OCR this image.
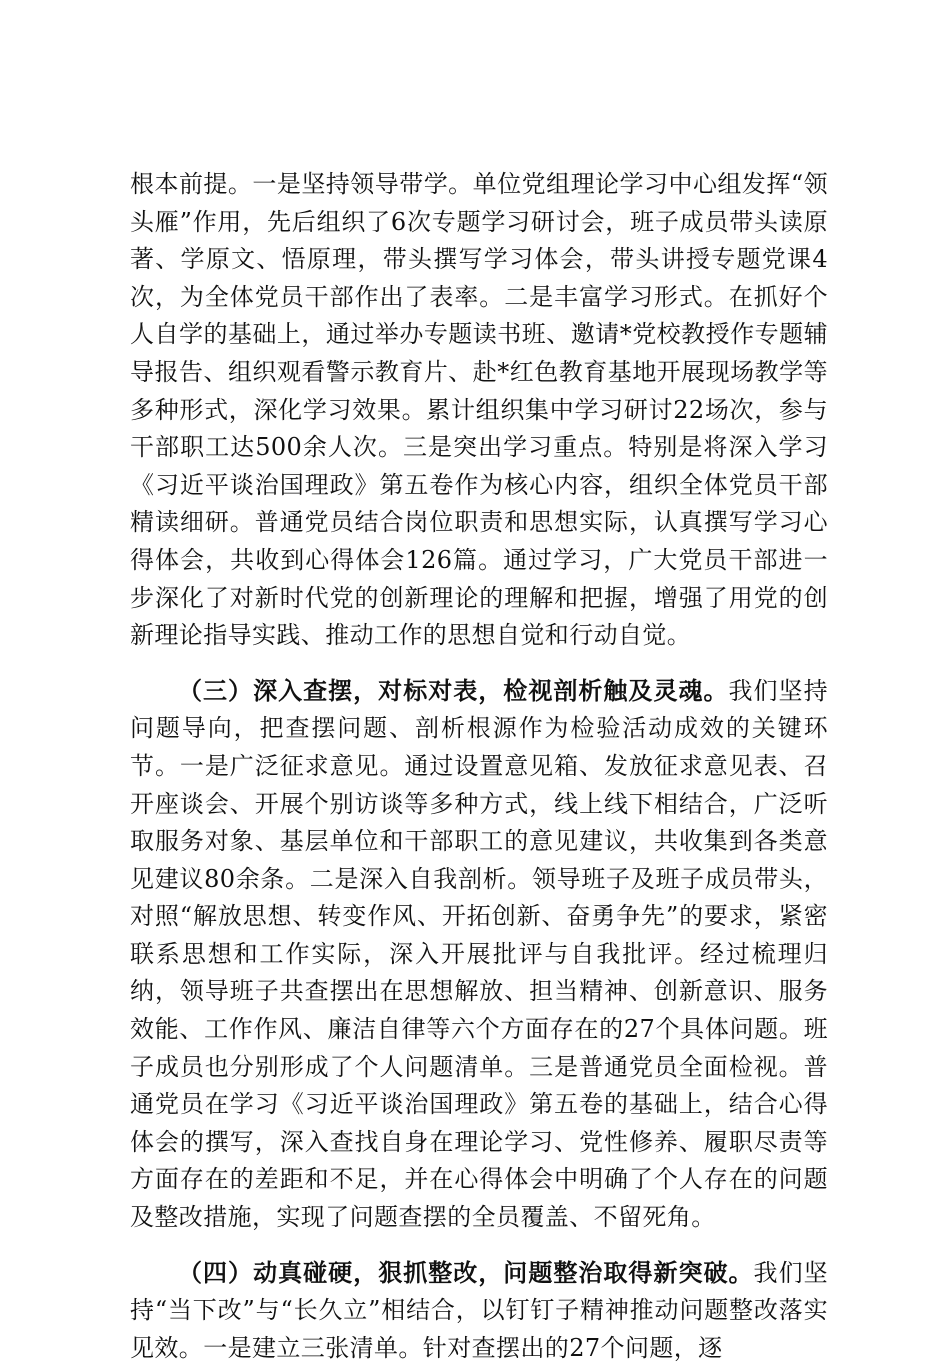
根本前提。一是坚持领导带学。单位党组理论学习中心组发挥“领头雁”作用，先后组织了6次专题学习研讨会，班子成员带头读原著、学原文、悟原理，带头撰写学习体会，带头讲授专题党课4次，为全体党员干部作出了表率。二是丰富学习形式。在抓好个人自学的基础上，通过举办专题读书班、邀请*党校教授作专题辅导报告、组织观看警示教育片、赴*红色教育基地开展现场教学等多种形式，深化学习效果。累计组织集中学习研讨22场次，参与干部职工达500余人次。三是突出学习重点。特别是将深入学习《习近平谈治国理政》第五卷作为核心内容，组织全体党员干部精读细研。普通党员结合岗位职责和思想实际，认真撰写学习心得体会，共收到心得体会126篇。通过学习，广大党员干部进一步深化了对新时代党的创新理论的理解和把握，增强了用党的创新理论指导实践、推动工作的思想自觉和行动自觉。

（三）深入查摆，对标对表，检视剖析触及灵魂。我们坚持问题导向，把查摆问题、剖析根源作为检验活动成效的关键环节。一是广泛征求意见。通过设置意见箱、发放征求意见表、召开座谈会、开展个别访谈等多种方式，线上线下相结合，广泛听取服务对象、基层单位和干部职工的意见建议，共收集到各类意见建议80余条。二是深入自我剖析。领导班子及班子成员带头，对照“解放思想、转变作风、开拓创新、奋勇争先”的要求，紧密联系思想和工作实际，深入开展批评与自我批评。经过梳理归纳，领导班子共查摆出在思想解放、担当精神、创新意识、服务效能、工作作风、廉洁自律等六个方面存在的27个具体问题。班子成员也分别形成了个人问题清单。三是普通党员全面检视。普通党员在学习《习近平谈治国理政》第五卷的基础上，结合心得体会的撰写，深入查找自身在理论学习、党性修养、履职尽责等方面存在的差距和不足，并在心得体会中明确了个人存在的问题及整改措施，实现了问题查摆的全员覆盖、不留死角。

（四）动真碰硬，狠抓整改，问题整治取得新突破。我们坚持“当下改”与“长久立”相结合，以钉钉子精神推动问题整改落实见效。一是建立三张清单。针对查摆出的27个问题，逐
